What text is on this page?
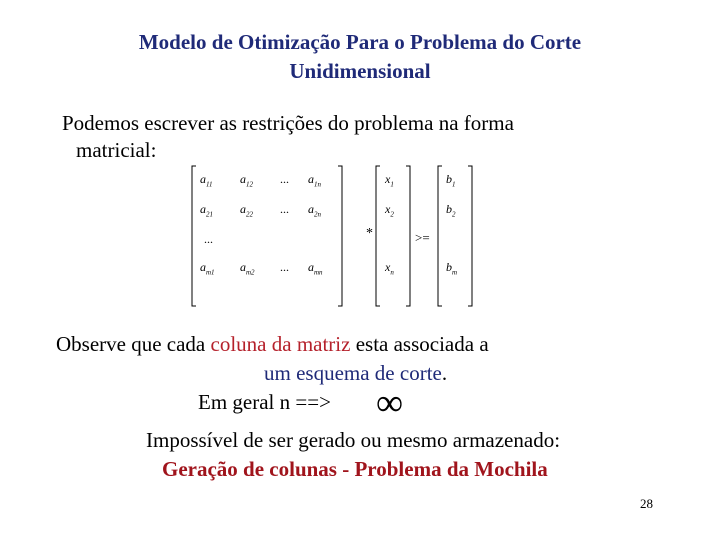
Modelo de Otimização Para o Problema do Corte
Unidimensional
Podemos escrever as restrições do problema na forma
matricial:
$a_{11}$ $a_{12}$ ... $a_{1n}$
$a_{21}$ $a_{22}$ ... $a_{2n}$
...
$a_{m1}$ $a_{m2}$ ... $a_{mn}$
*
$x_1$
$x_2$
$x_n$
>=
$b_1$
$b_2$
$b_m$
Observe que cada coluna da matriz esta associada a
um esquema de corte.
Em geral n ==> ∞
Impossível de ser gerado ou mesmo armazenado:
Geração de colunas - Problema da Mochila
28
